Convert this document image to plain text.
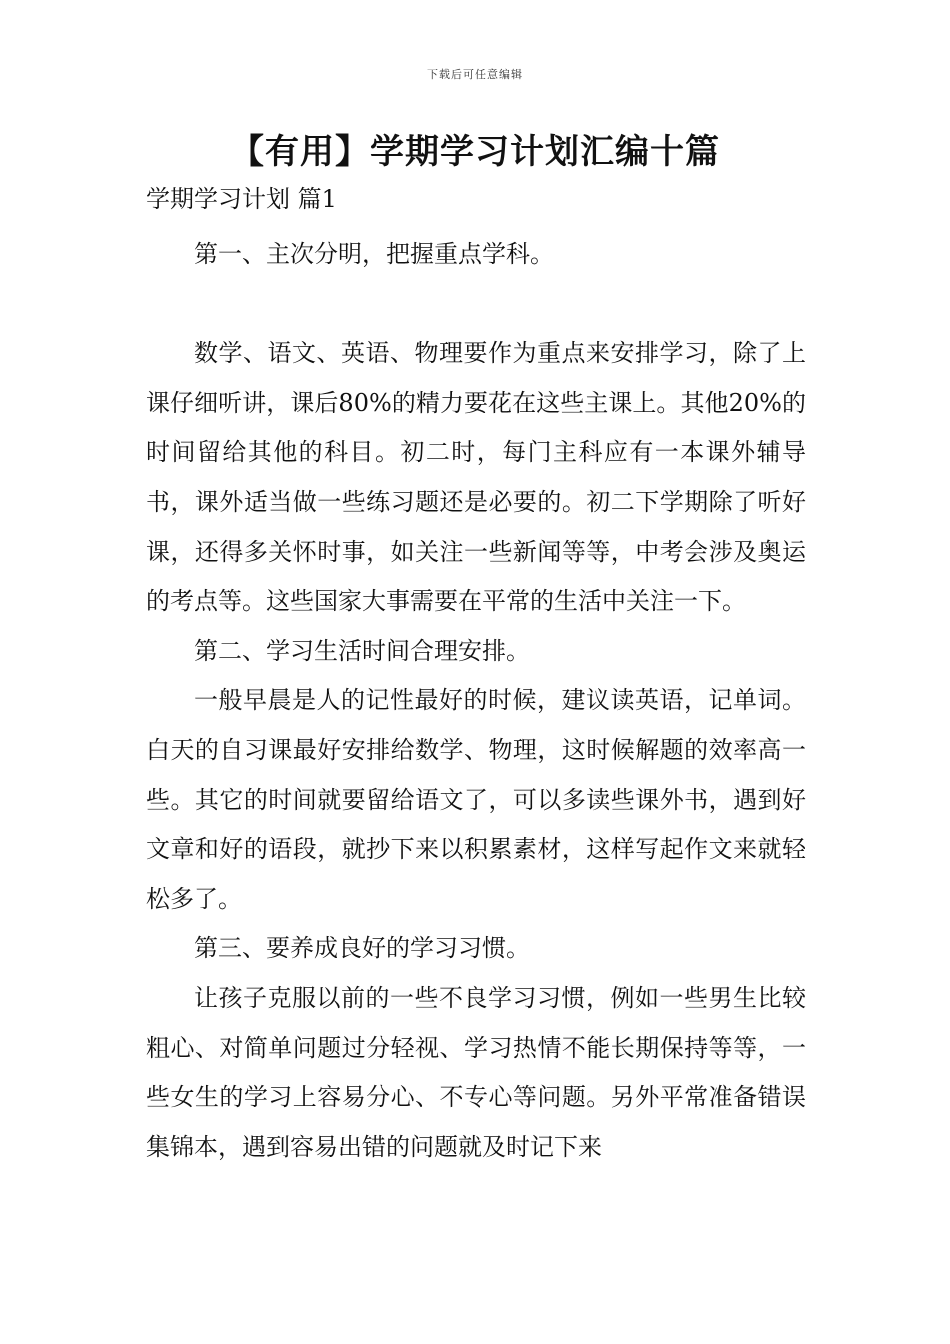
下载后可任意编辑
【有用】学期学习计划汇编十篇
学期学习计划 篇1

第一、主次分明，把握重点学科。

数学、语文、英语、物理要作为重点来安排学习，除了上课仔细听讲，课后80%的精力要花在这些主课上。其他20%的时间留给其他的科目。初二时，每门主科应有一本课外辅导书，课外适当做一些练习题还是必要的。初二下学期除了听好课，还得多关怀时事，如关注一些新闻等等，中考会涉及奥运的考点等。这些国家大事需要在平常的生活中关注一下。

第二、学习生活时间合理安排。

一般早晨是人的记性最好的时候，建议读英语，记单词。白天的自习课最好安排给数学、物理，这时候解题的效率高一些。其它的时间就要留给语文了，可以多读些课外书，遇到好文章和好的语段，就抄下来以积累素材，这样写起作文来就轻松多了。

第三、要养成良好的学习习惯。

让孩子克服以前的一些不良学习习惯，例如一些男生比较粗心、对简单问题过分轻视、学习热情不能长期保持等等，一些女生的学习上容易分心、不专心等问题。另外平常准备错误集锦本，遇到容易出错的问题就及时记下来
